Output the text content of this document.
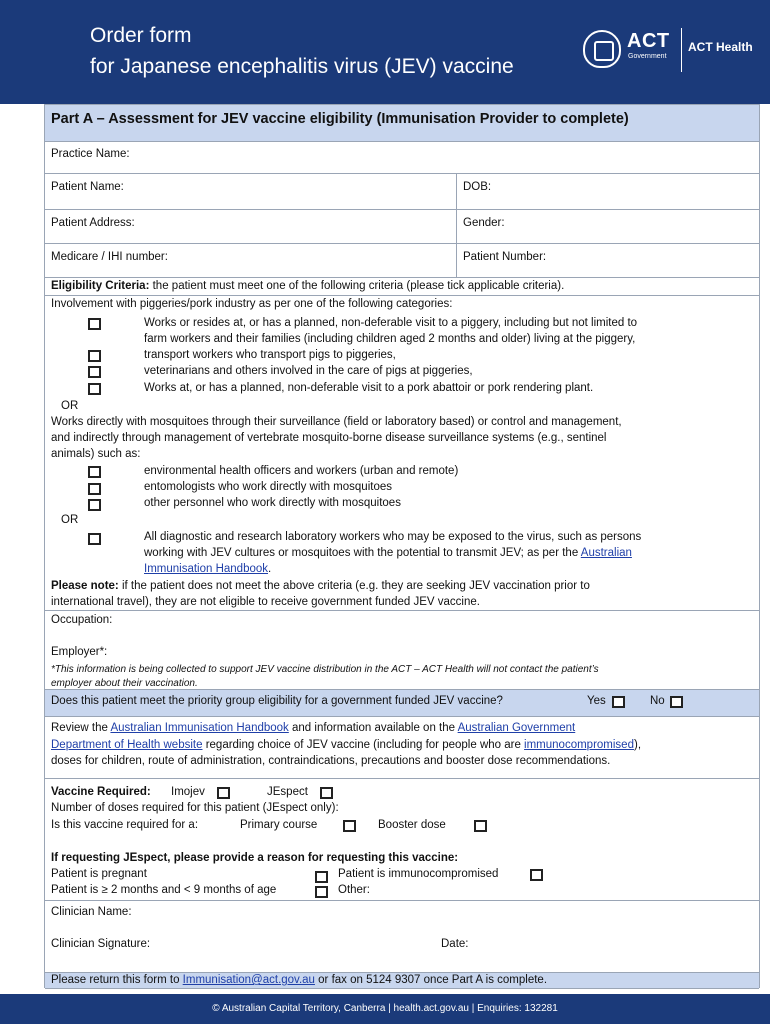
Order form
for Japanese encephalitis virus (JEV) vaccine
ACT
Government
ACT Health
Part A – Assessment for JEV vaccine eligibility (Immunisation Provider to complete)
Practice Name:
Patient Name:	DOB:
Patient Address:	Gender:
Medicare / IHI number:	Patient Number:
Eligibility Criteria: the patient must meet one of the following criteria (please tick applicable criteria).
Involvement with piggeries/pork industry as per one of the following categories:
Works or resides at, or has a planned, non-deferable visit to a piggery, including but not limited to
farm workers and their families (including children aged 2 months and older) living at the piggery,
transport workers who transport pigs to piggeries,
veterinarians and others involved in the care of pigs at piggeries,
Works at, or has a planned, non-deferable visit to a pork abattoir or pork rendering plant.
OR
Works directly with mosquitoes through their surveillance (field or laboratory based) or control and management,
and indirectly through management of vertebrate mosquito-borne disease surveillance systems (e.g., sentinel
animals) such as:
environmental health officers and workers (urban and remote)
entomologists who work directly with mosquitoes
other personnel who work directly with mosquitoes
OR
All diagnostic and research laboratory workers who may be exposed to the virus, such as persons
working with JEV cultures or mosquitoes with the potential to transmit JEV; as per the Australian
Immunisation Handbook.
Please note: if the patient does not meet the above criteria (e.g. they are seeking JEV vaccination prior to
international travel), they are not eligible to receive government funded JEV vaccine.
Occupation:
Employer*:
*This information is being collected to support JEV vaccine distribution in the ACT – ACT Health will not contact the patient’s
employer about their vaccination.
Does this patient meet the priority group eligibility for a government funded JEV vaccine?	Yes	No
Review the Australian Immunisation Handbook and information available on the Australian Government
Department of Health website regarding choice of JEV vaccine (including for people who are immunocompromised),
doses for children, route of administration, contraindications, precautions and booster dose recommendations.
Vaccine Required: Imojev	JEspect
Number of doses required for this patient (JEspect only):
Is this vaccine required for a:	Primary course	Booster dose
If requesting JEspect, please provide a reason for requesting this vaccine:
Patient is pregnant	Patient is immunocompromised
Patient is ≥ 2 months and < 9 months of age	Other:
Clinician Name:
Clinician Signature:	Date:
Please return this form to Immunisation@act.gov.au or fax on 5124 9307 once Part A is complete.
© Australian Capital Territory, Canberra | health.act.gov.au | Enquiries: 132281
